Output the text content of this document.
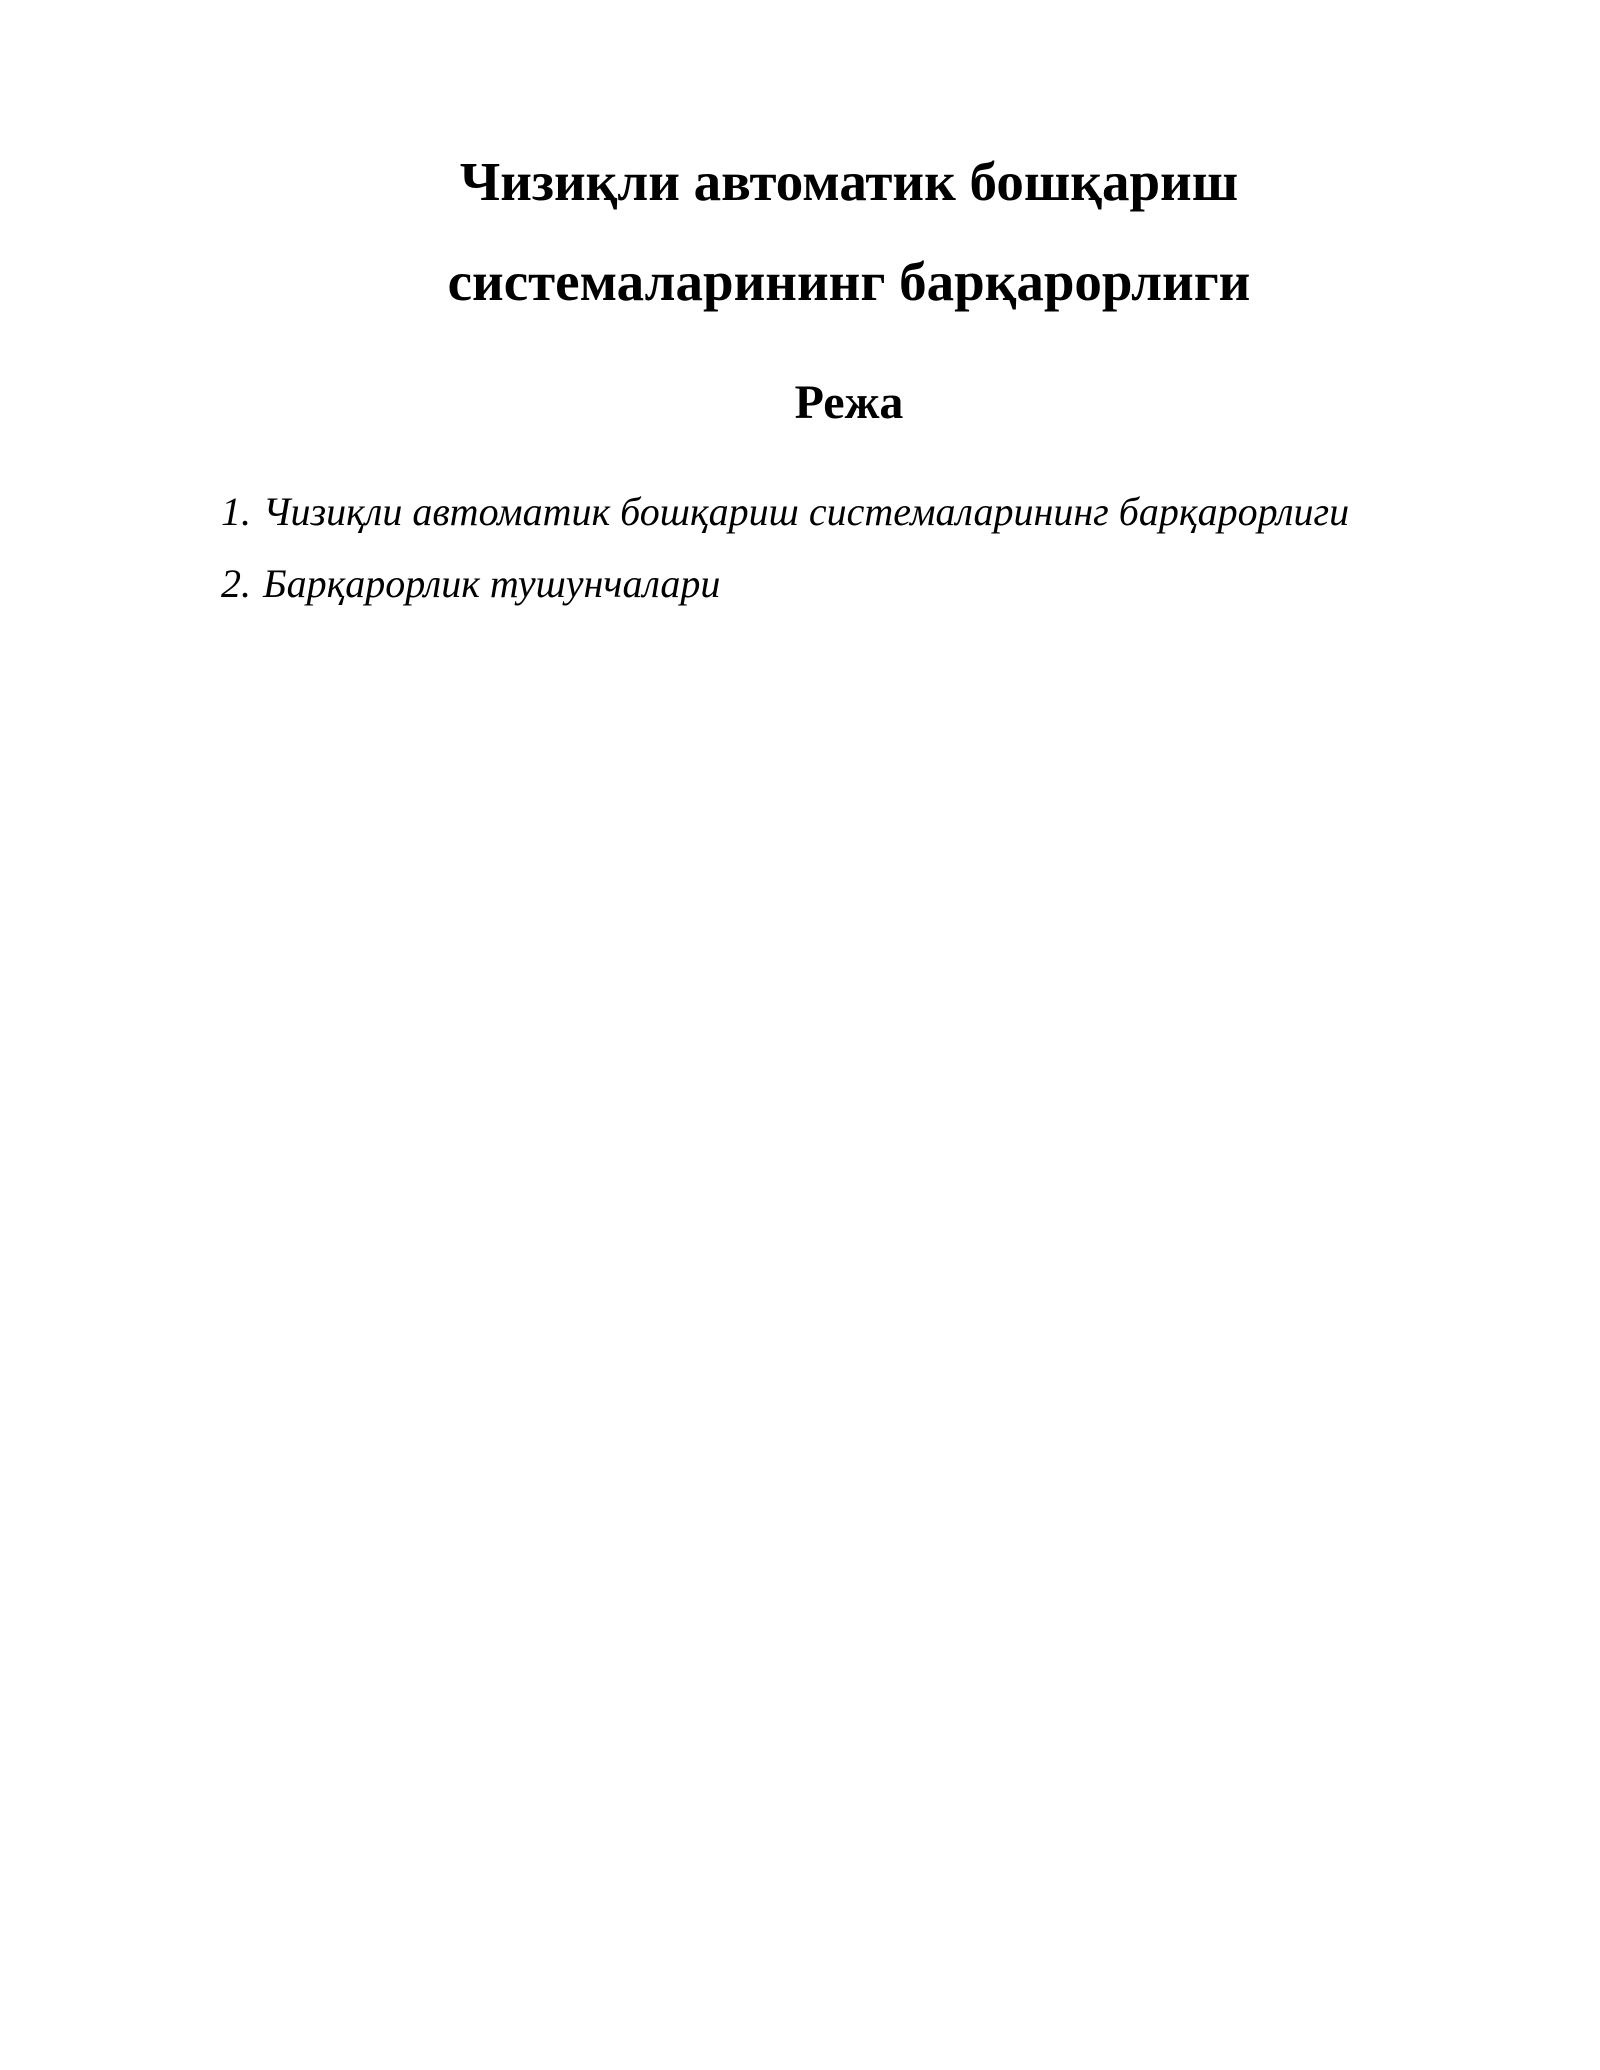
Чизиқли автоматик бошқариш
системаларининг барқарорлиги
Режа
1. Чизиқли автоматик бошқариш системаларининг барқарорлиги
2. Барқарорлик тушунчалари
